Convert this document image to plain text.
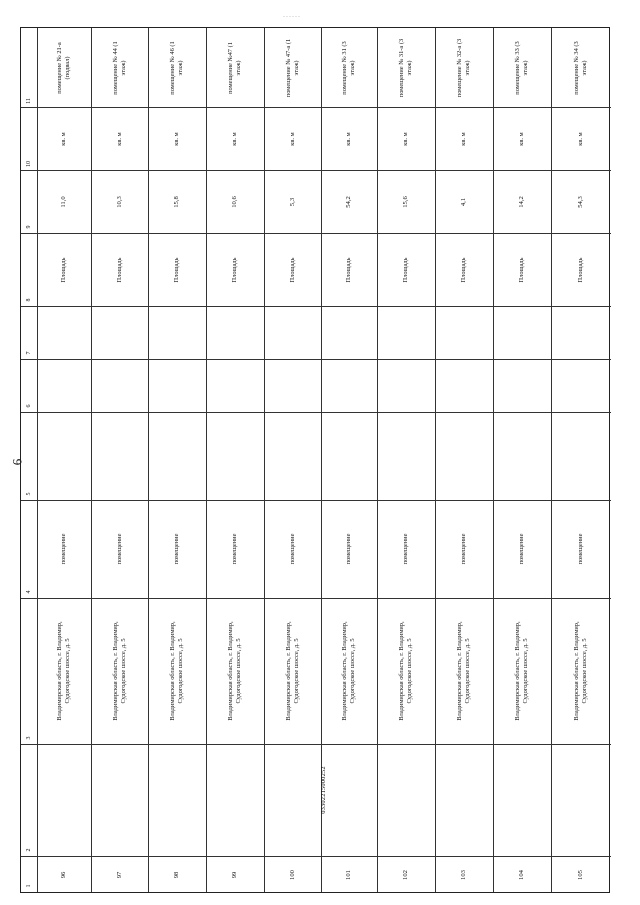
......
6
1
2
3
4
5
6
7
8
9
10
11
03302215000252
96
Владимирская область, г. Владимир, Судогодское шоссе, д. 5
помещение
Площадь
11,0
кв. м
помещение № 21-а (подвал)
97
Владимирская область, г. Владимир, Судогодское шоссе, д. 5
помещение
Площадь
10,3
кв. м
помещение № 44 (1 этаж)
98
Владимирская область, г. Владимир, Судогодское шоссе, д. 5
помещение
Площадь
15,8
кв. м
помещение № 46 (1 этаж)
99
Владимирская область, г. Владимир, Судогодское шоссе, д. 5
помещение
Площадь
10,6
кв. м
помещение №47 (1 этаж)
100
Владимирская область, г. Владимир, Судогодское шоссе, д. 5
помещение
Площадь
5,3
кв. м
помещение № 47-а (1 этаж)
101
Владимирская область, г. Владимир, Судогодское шоссе, д. 5
помещение
Площадь
54,2
кв. м
помещение № 31 (3 этаж)
102
Владимирская область, г. Владимир, Судогодское шоссе, д. 5
помещение
Площадь
15,6
кв. м
помещение № 31-а (3 этаж)
103
Владимирская область, г. Владимир, Судогодское шоссе, д. 5
помещение
Площадь
4,1
кв. м
помещение № 32-а (3 этаж)
104
Владимирская область, г. Владимир, Судогодское шоссе, д. 5
помещение
Площадь
14,2
кв. м
помещение № 33 (3 этаж)
105
Владимирская область, г. Владимир, Судогодское шоссе, д. 5
помещение
Площадь
54,3
кв. м
помещение № 34 (3 этаж)
